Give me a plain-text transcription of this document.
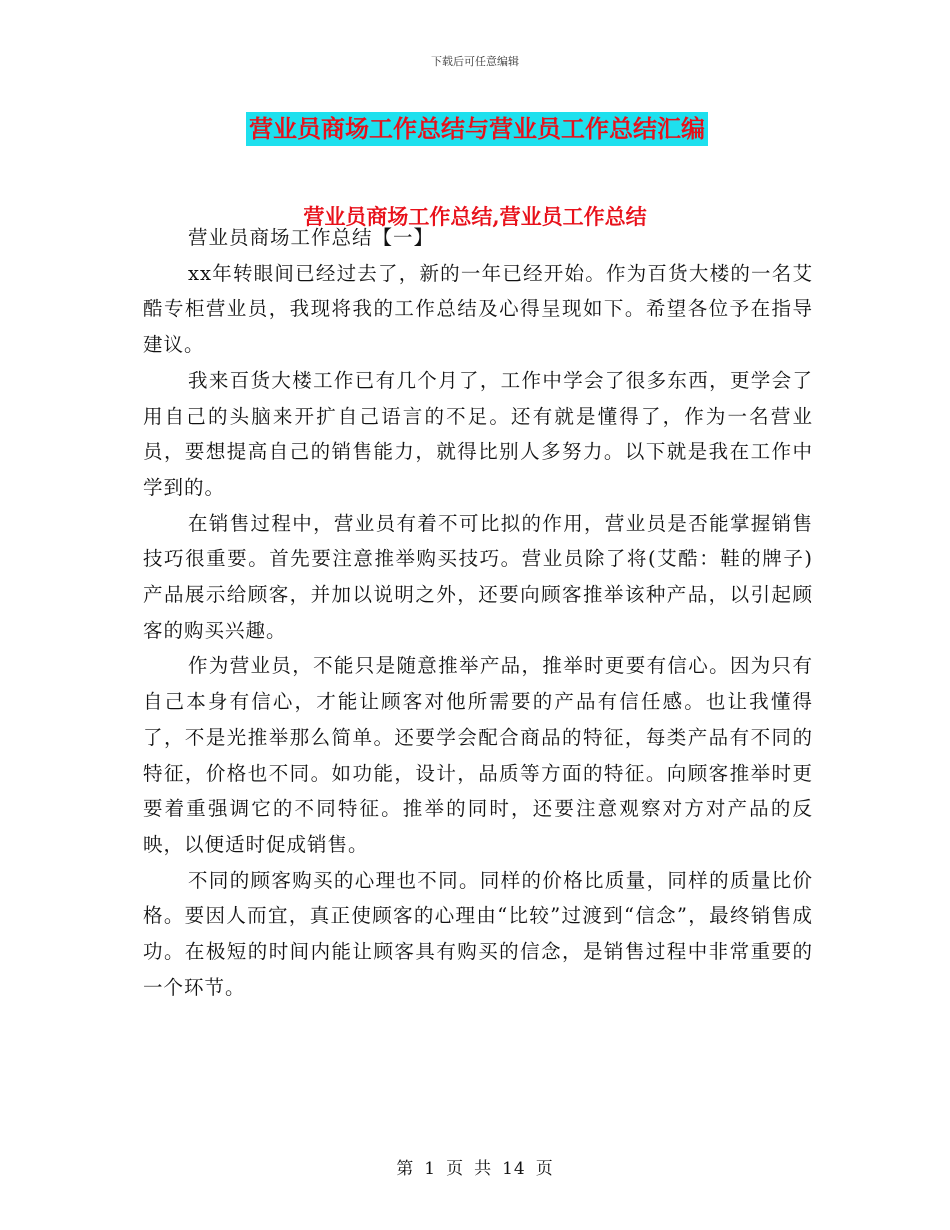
下载后可任意编辑
营业员商场工作总结与营业员工作总结汇编
营业员商场工作总结,营业员工作总结

营业员商场工作总结【一】

xx年转眼间已经过去了，新的一年已经开始。作为百货大楼的一名艾酷专柜营业员，我现将我的工作总结及心得呈现如下。希望各位予在指导建议。

我来百货大楼工作已有几个月了，工作中学会了很多东西，更学会了用自己的头脑来开扩自己语言的不足。还有就是懂得了，作为一名营业员，要想提高自己的销售能力，就得比别人多努力。以下就是我在工作中学到的。

在销售过程中，营业员有着不可比拟的作用，营业员是否能掌握销售技巧很重要。首先要注意推举购买技巧。营业员除了将(艾酷：鞋的牌子)产品展示给顾客，并加以说明之外，还要向顾客推举该种产品，以引起顾客的购买兴趣。

作为营业员，不能只是随意推举产品，推举时更要有信心。因为只有自己本身有信心，才能让顾客对他所需要的产品有信任感。也让我懂得了，不是光推举那么简单。还要学会配合商品的特征，每类产品有不同的特征，价格也不同。如功能，设计，品质等方面的特征。向顾客推举时更要着重强调它的不同特征。推举的同时，还要注意观察对方对产品的反映，以便适时促成销售。

不同的顾客购买的心理也不同。同样的价格比质量，同样的质量比价格。要因人而宜，真正使顾客的心理由“比较”过渡到“信念”，最终销售成功。在极短的时间内能让顾客具有购买的信念，是销售过程中非常重要的一个环节。

第 1 页 共 14 页
